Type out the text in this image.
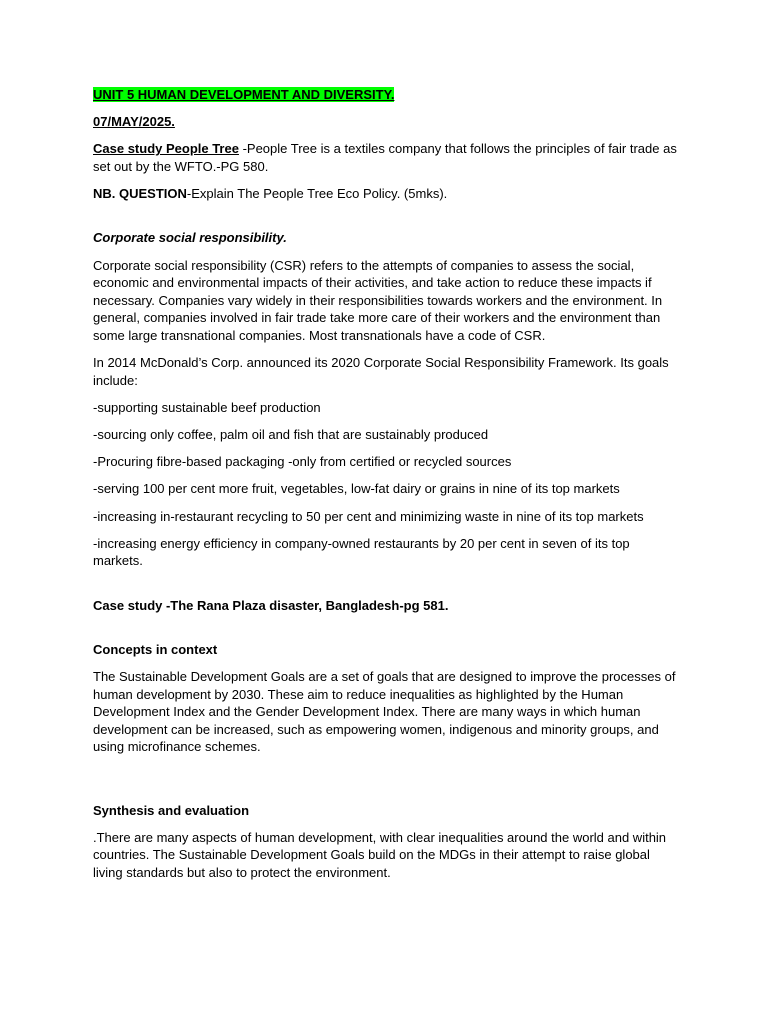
UNIT 5 HUMAN DEVELOPMENT AND DIVERSITY.

07/MAY/2025.

Case study People Tree -People Tree is a textiles company that follows the principles of fair trade as set out by the WFTO.-PG 580.

NB. QUESTION-Explain The People Tree Eco Policy. (5mks).

Corporate social responsibility.

Corporate social responsibility (CSR) refers to the attempts of companies to assess the social, economic and environmental impacts of their activities, and take action to reduce these impacts if necessary. Companies vary widely in their responsibilities towards workers and the environment. In general, companies involved in fair trade take more care of their workers and the environment than some large transnational companies. Most transnationals have a code of CSR.

In 2014 McDonald’s Corp. announced its 2020 Corporate Social Responsibility Framework. Its goals include:

-supporting sustainable beef production

-sourcing only coffee, palm oil and fish that are sustainably produced

-Procuring fibre-based packaging -only from certified or recycled sources

-serving 100 per cent more fruit, vegetables, low-fat dairy or grains in nine of its top markets

-increasing in-restaurant recycling to 50 per cent and minimizing waste in nine of its top markets

-increasing energy efficiency in company-owned restaurants by 20 per cent in seven of its top markets.

Case study -The Rana Plaza disaster, Bangladesh-pg 581.

Concepts in context

The Sustainable Development Goals are a set of goals that are designed to improve the processes of human development by 2030. These aim to reduce inequalities as highlighted by the Human Development Index and the Gender Development Index. There are many ways in which human development can be increased, such as empowering women, indigenous and minority groups, and using microfinance schemes.

Synthesis and evaluation

.There are many aspects of human development, with clear inequalities around the world and within countries. The Sustainable Development Goals build on the MDGs in their attempt to raise global living standards but also to protect the environment.
